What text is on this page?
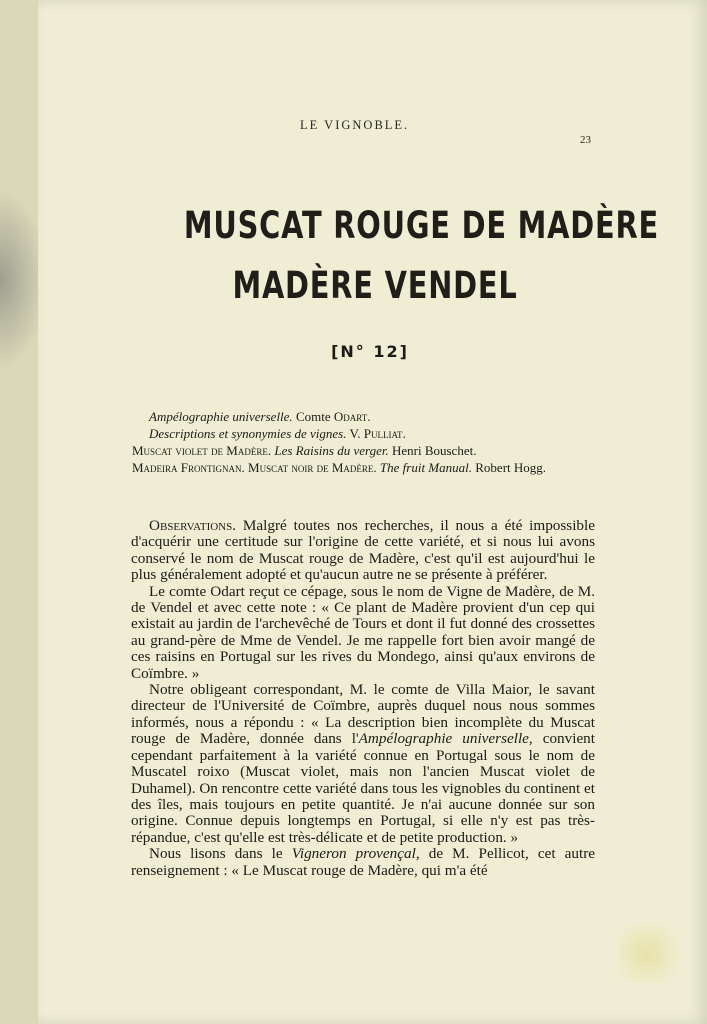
LE VIGNOBLE.
23
MUSCAT ROUGE DE MADÈRE
MADÈRE VENDEL
[N° 12]
Ampélographie universelle. Comte Odart.
Descriptions et synonymies de vignes. V. Pulliat.
Muscat violet de Madère. Les Raisins du verger. Henri Bouschet.
Madeira Frontignan. Muscat noir de Madère. The fruit Manual. Robert Hogg.

Observations. Malgré toutes nos recherches, il nous a été impossible d'acquérir une certitude sur l'origine de cette variété, et si nous lui avons conservé le nom de Muscat rouge de Madère, c'est qu'il est aujourd'hui le plus généralement adopté et qu'aucun autre ne se présente à préférer.

Le comte Odart reçut ce cépage, sous le nom de Vigne de Madère, de M. de Vendel et avec cette note : « Ce plant de Madère provient d'un cep qui existait au jardin de l'archevêché de Tours et dont il fut donné des crossettes au grand-père de Mme de Vendel. Je me rappelle fort bien avoir mangé de ces raisins en Portugal sur les rives du Mondego, ainsi qu'aux environs de Coïmbre. »

Notre obligeant correspondant, M. le comte de Villa Maior, le savant directeur de l'Université de Coïmbre, auprès duquel nous nous sommes informés, nous a répondu : « La description bien incomplète du Muscat rouge de Madère, donnée dans l'Ampélographie universelle, convient cependant parfaitement à la variété connue en Portugal sous le nom de Muscatel roixo (Muscat violet, mais non l'ancien Muscat violet de Duhamel). On rencontre cette variété dans tous les vignobles du continent et des îles, mais toujours en petite quantité. Je n'ai aucune donnée sur son origine. Connue depuis longtemps en Portugal, si elle n'y est pas très-répandue, c'est qu'elle est très-délicate et de petite production. »

Nous lisons dans le Vigneron provençal, de M. Pellicot, cet autre renseignement : « Le Muscat rouge de Madère, qui m'a été
